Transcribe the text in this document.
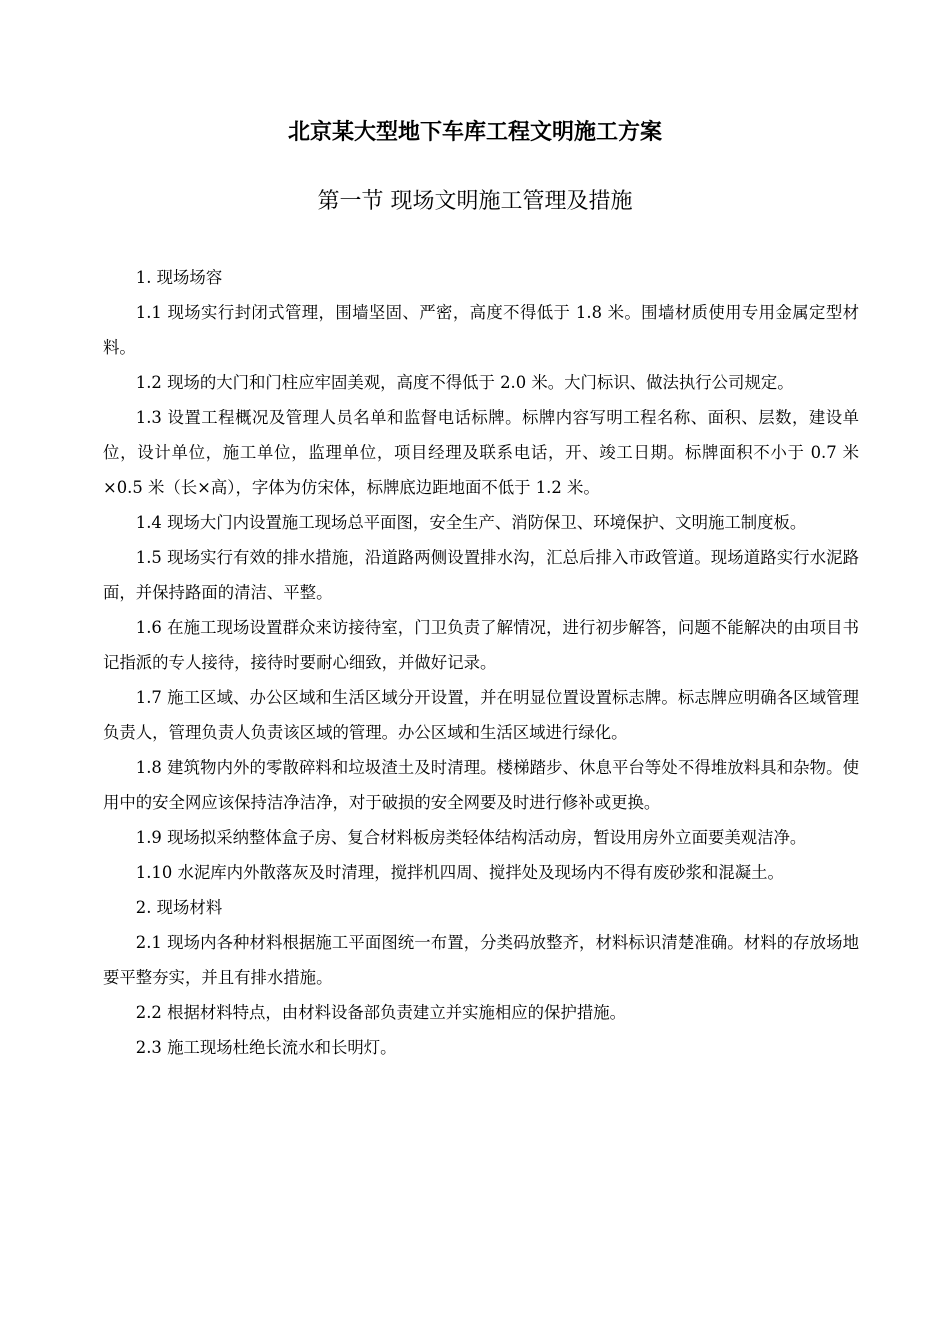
北京某大型地下车库工程文明施工方案
第一节 现场文明施工管理及措施

1. 现场场容

1.1 现场实行封闭式管理，围墙坚固、严密，高度不得低于 1.8 米。围墙材质使用专用金属定型材料。

1.2 现场的大门和门柱应牢固美观，高度不得低于 2.0 米。大门标识、做法执行公司规定。

1.3 设置工程概况及管理人员名单和监督电话标牌。标牌内容写明工程名称、面积、层数，建设单位，设计单位，施工单位，监理单位，项目经理及联系电话，开、竣工日期。标牌面积不小于 0.7 米×0.5 米（长×高），字体为仿宋体，标牌底边距地面不低于 1.2 米。

1.4 现场大门内设置施工现场总平面图，安全生产、消防保卫、环境保护、文明施工制度板。

1.5 现场实行有效的排水措施，沿道路两侧设置排水沟，汇总后排入市政管道。现场道路实行水泥路面，并保持路面的清洁、平整。

1.6 在施工现场设置群众来访接待室，门卫负责了解情况，进行初步解答，问题不能解决的由项目书记指派的专人接待，接待时要耐心细致，并做好记录。

1.7 施工区域、办公区域和生活区域分开设置，并在明显位置设置标志牌。标志牌应明确各区域管理负责人，管理负责人负责该区域的管理。办公区域和生活区域进行绿化。

1.8 建筑物内外的零散碎料和垃圾渣土及时清理。楼梯踏步、休息平台等处不得堆放料具和杂物。使用中的安全网应该保持洁净洁净，对于破损的安全网要及时进行修补或更换。

1.9 现场拟采纳整体盒子房、复合材料板房类轻体结构活动房，暂设用房外立面要美观洁净。

1.10 水泥库内外散落灰及时清理，搅拌机四周、搅拌处及现场内不得有废砂浆和混凝土。

2. 现场材料

2.1 现场内各种材料根据施工平面图统一布置，分类码放整齐，材料标识清楚准确。材料的存放场地要平整夯实，并且有排水措施。

2.2 根据材料特点，由材料设备部负责建立并实施相应的保护措施。

2.3 施工现场杜绝长流水和长明灯。
